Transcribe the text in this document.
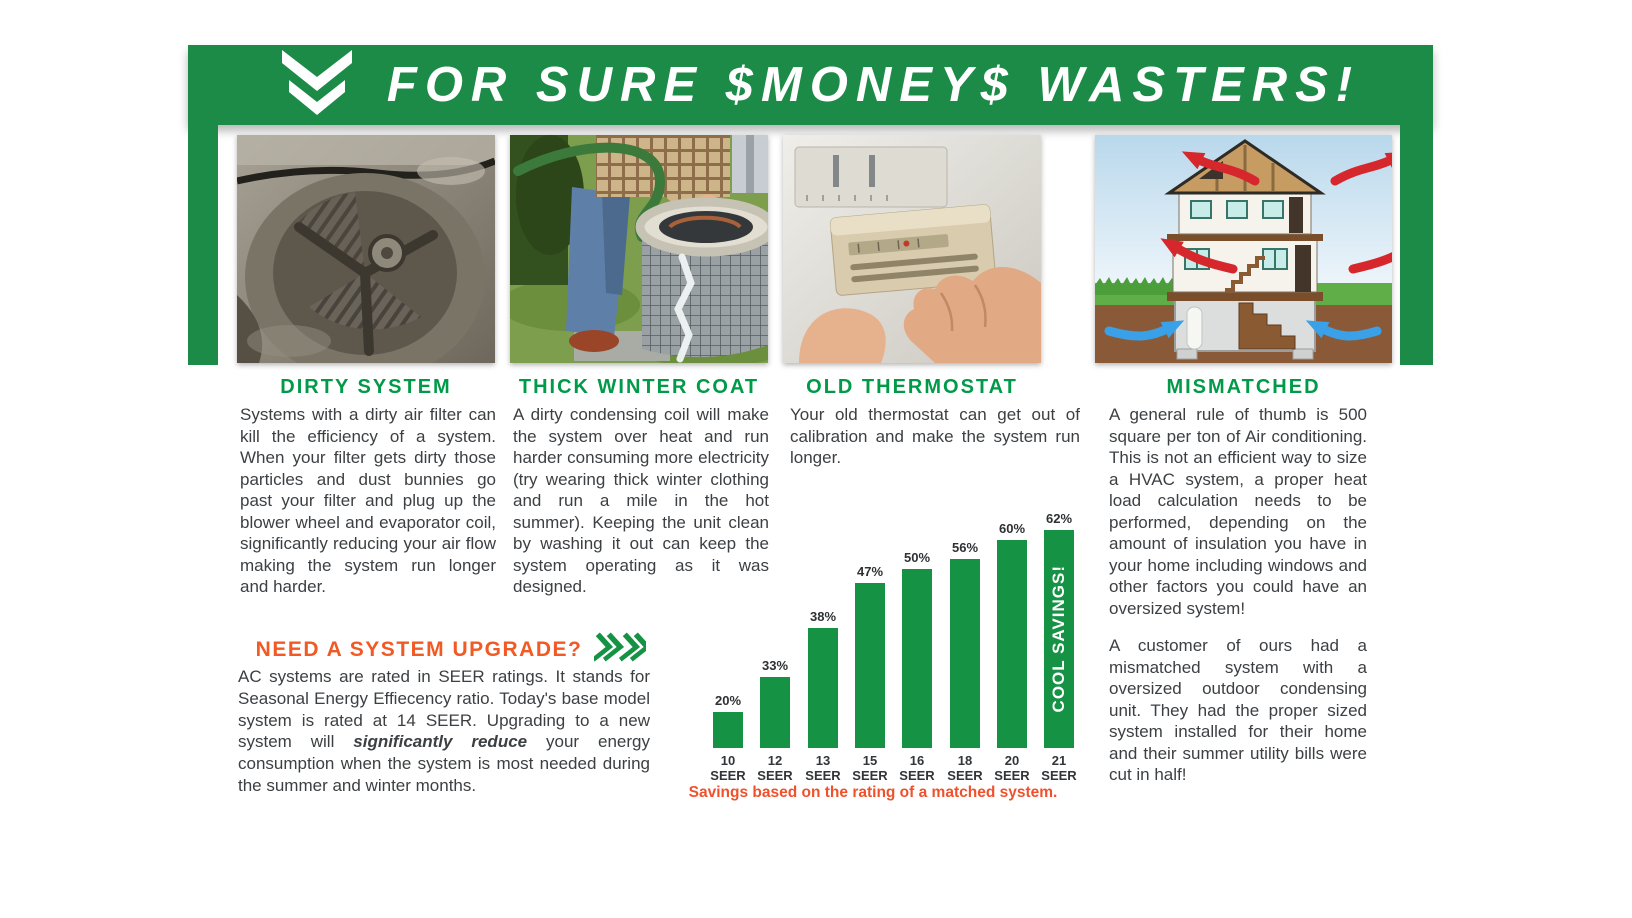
FOR SURE $MONEY$ WASTERS!
DIRTY SYSTEM	THICK WINTER COAT	OLD THERMOSTAT	MISMATCHED

Systems with a dirty air filter can kill the efficiency of a system. When your filter gets dirty those particles and dust bunnies go past your filter and plug up the blower wheel and evaporator coil, significantly reducing your air flow making the system run longer and harder.

A dirty condensing coil will make the system over heat and run harder consuming more electricity (try wearing thick winter clothing and run a mile in the hot summer). Keeping the unit clean by washing it out can keep the system operating as it was designed.

Your old thermostat can get out of calibration and make the system run longer.

A general rule of thumb is 500 square per ton of Air conditioning. This is not an efficient way to size a HVAC system, a proper heat load calculation needs to be performed, depending on the amount of insulation you have in your home including windows and other factors you could have an oversized system!

A customer of ours had a mismatched system with a oversized outdoor condensing unit. They had the proper sized system installed for their home and their summer utility bills were cut in half!

NEED A SYSTEM UPGRADE?
AC systems are rated in SEER ratings. It stands for Seasonal Energy Effiecency ratio. Today's base model system is rated at 14 SEER. Upgrading to a new system will significantly reduce your energy consumption when the system is most needed during the summer and winter months.
20%
33%
38%
47%
50%
56%
60%
62%
COOL SAVINGS!
10
SEER
12
SEER
13
SEER
15
SEER
16
SEER
18
SEER
20
SEER
21
SEER
Savings based on the rating of a matched system.
